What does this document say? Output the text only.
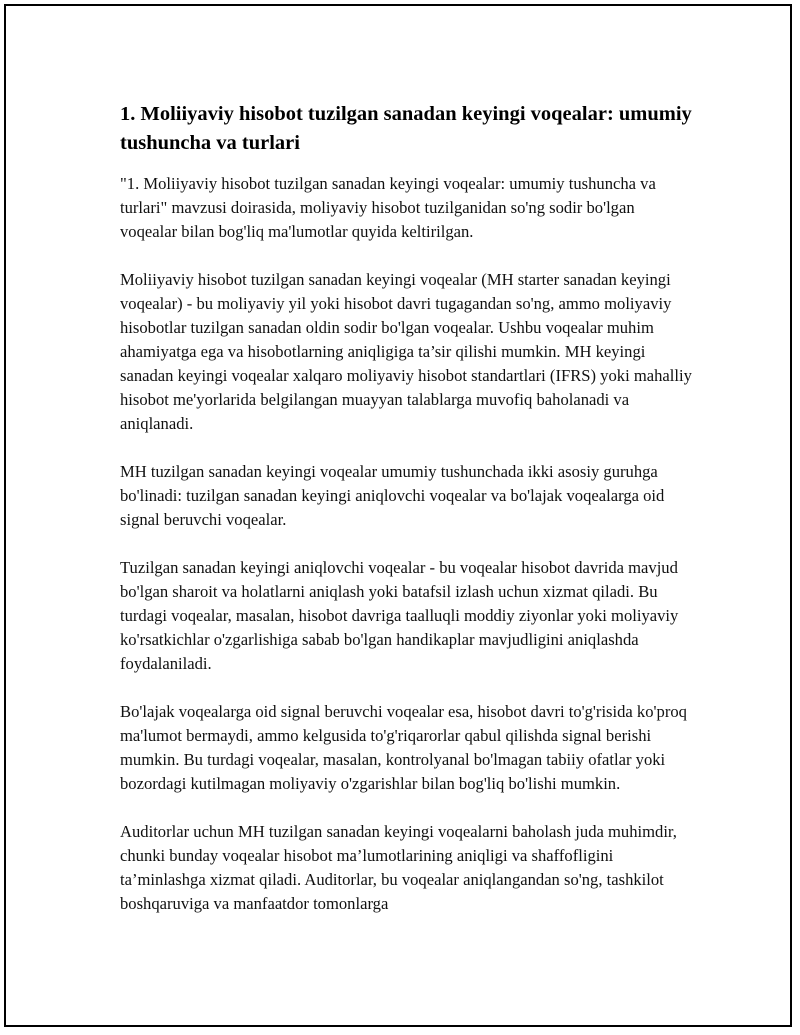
1. Moliiyaviy hisobot tuzilgan sanadan keyingi voqealar: umumiy tushuncha va turlari

"1. Moliiyaviy hisobot tuzilgan sanadan keyingi voqealar: umumiy tushuncha va turlari" mavzusi doirasida, moliyaviy hisobot tuzilganidan so'ng sodir bo'lgan voqealar bilan bog'liq ma'lumotlar quyida keltirilgan.

Moliiyaviy hisobot tuzilgan sanadan keyingi voqealar (MH starter sanadan keyingi voqealar) - bu moliyaviy yil yoki hisobot davri tugagandan so'ng, ammo moliyaviy hisobotlar tuzilgan sanadan oldin sodir bo'lgan voqealar. Ushbu voqealar muhim ahamiyatga ega va hisobotlarning aniqligiga ta’sir qilishi mumkin. MH keyingi sanadan keyingi voqealar xalqaro moliyaviy hisobot standartlari (IFRS) yoki mahalliy hisobot me'yorlarida belgilangan muayyan talablarga muvofiq baholanadi va aniqlanadi.

MH tuzilgan sanadan keyingi voqealar umumiy tushunchada ikki asosiy guruhga bo'linadi: tuzilgan sanadan keyingi aniqlovchi voqealar va bo'lajak voqealarga oid signal beruvchi voqealar.

Tuzilgan sanadan keyingi aniqlovchi voqealar - bu voqealar hisobot davrida mavjud bo'lgan sharoit va holatlarni aniqlash yoki batafsil izlash uchun xizmat qiladi. Bu turdagi voqealar, masalan, hisobot davriga taalluqli moddiy ziyonlar yoki moliyaviy ko'rsatkichlar o'zgarlishiga sabab bo'lgan handikaplar mavjudligini aniqlashda foydalaniladi.

Bo'lajak voqealarga oid signal beruvchi voqealar esa, hisobot davri to'g'risida ko'proq ma'lumot bermaydi, ammo kelgusida to'g'riqarorlar qabul qilishda signal berishi mumkin. Bu turdagi voqealar, masalan, kontrolyanal bo'lmagan tabiiy ofatlar yoki bozordagi kutilmagan moliyaviy o'zgarishlar bilan bog'liq bo'lishi mumkin.

Auditorlar uchun MH tuzilgan sanadan keyingi voqealarni baholash juda muhimdir, chunki bunday voqealar hisobot ma’lumotlarining aniqligi va shaffofligini ta’minlashga xizmat qiladi. Auditorlar, bu voqealar aniqlangandan so'ng, tashkilot boshqaruviga va manfaatdor tomonlarga
